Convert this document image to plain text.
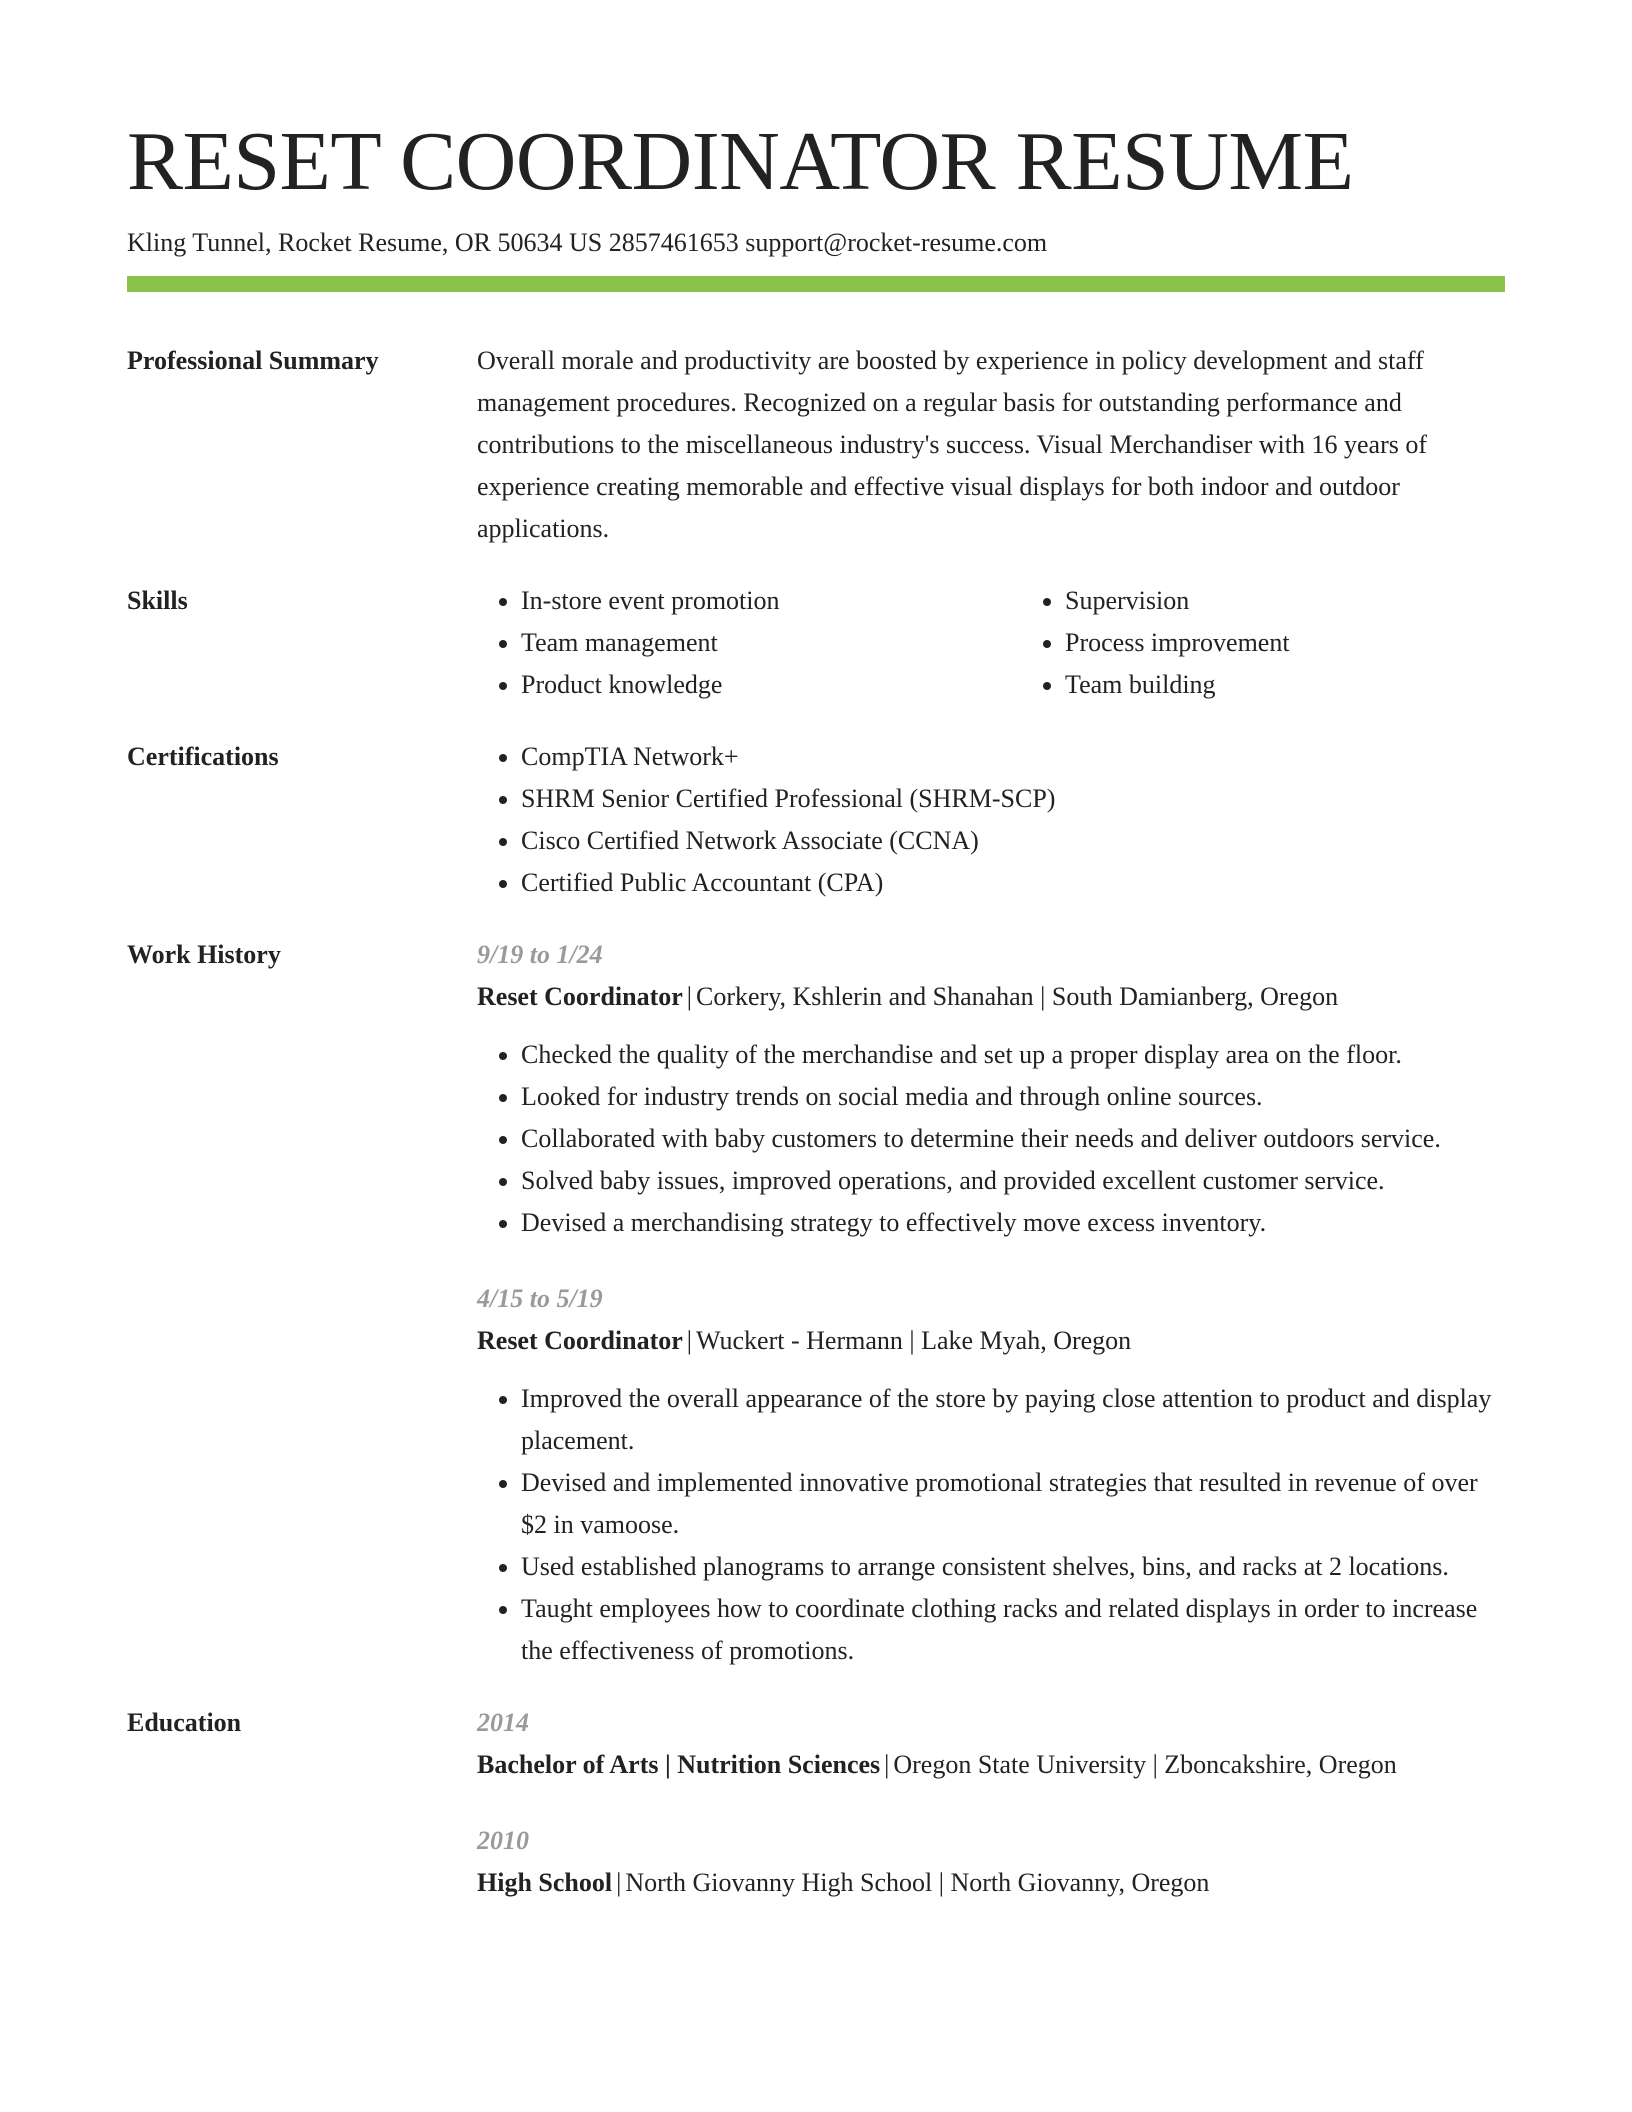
RESET COORDINATOR RESUME
Kling Tunnel, Rocket Resume, OR 50634 US 2857461653 support@rocket-resume.com
Professional Summary	Overall morale and productivity are boosted by experience in policy development and staff management procedures. Recognized on a regular basis for outstanding performance and contributions to the miscellaneous industry's success. Visual Merchandiser with 16 years of experience creating memorable and effective visual displays for both indoor and outdoor applications.

Skills	• In-store event promotion
• Team management
• Product knowledge
• Supervision
• Process improvement
• Team building
Certifications	• CompTIA Network+
• SHRM Senior Certified Professional (SHRM-SCP)
• Cisco Certified Network Associate (CCNA)
• Certified Public Accountant (CPA)
Work History	9/19 to 1/24
Reset Coordinator | Corkery, Kshlerin and Shanahan | South Damianberg, Oregon
• Checked the quality of the merchandise and set up a proper display area on the floor.
• Looked for industry trends on social media and through online sources.
• Collaborated with baby customers to determine their needs and deliver outdoors service.
• Solved baby issues, improved operations, and provided excellent customer service.
• Devised a merchandising strategy to effectively move excess inventory.
4/15 to 5/19
Reset Coordinator | Wuckert - Hermann | Lake Myah, Oregon
• Improved the overall appearance of the store by paying close attention to product and display placement.
• Devised and implemented innovative promotional strategies that resulted in revenue of over $2 in vamoose.
• Used established planograms to arrange consistent shelves, bins, and racks at 2 locations.
• Taught employees how to coordinate clothing racks and related displays in order to increase the effectiveness of promotions.
Education	2014
Bachelor of Arts | Nutrition Sciences | Oregon State University | Zboncakshire, Oregon
2010
High School | North Giovanny High School | North Giovanny, Oregon
